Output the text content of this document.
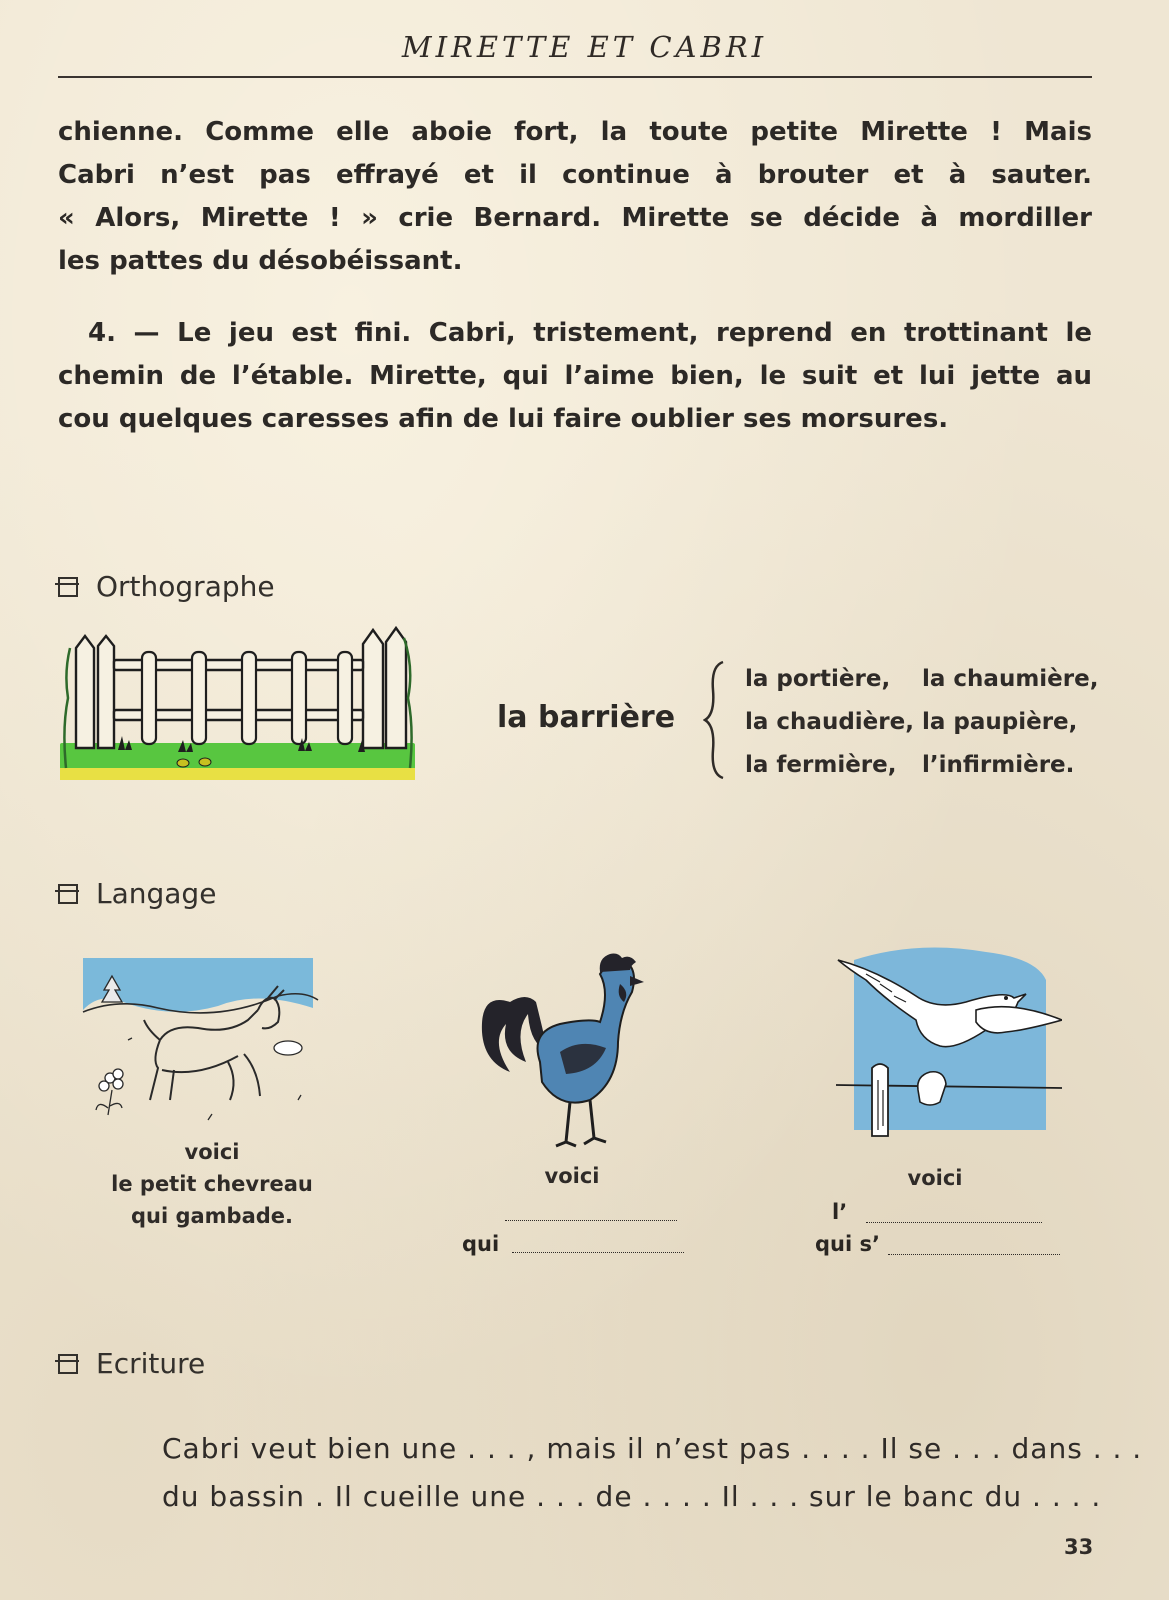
MIRETTE ET CABRI
chienne. Comme elle aboie fort, la toute petite Mirette ! Mais
Cabri n’est pas effrayé et il continue à brouter et à sauter.
« Alors, Mirette ! » crie Bernard. Mirette se décide à mordiller
les pattes du désobéissant.
4. — Le jeu est fini. Cabri, tristement, reprend en trottinant le
chemin de l’étable. Mirette, qui l’aime bien, le suit et lui jette au
cou quelques caresses afin de lui faire oublier ses morsures.
Orthographe
la barrière
la portière, la chaumière,
la chaudière, la paupière,
la fermière, l’infirmière.
Langage
voici
le petit chevreau
qui gambade.
voici
qui
voici
l’
qui s’
Ecriture
Cabri veut bien une . . . , mais il n’est pas . . . . Il se . . . dans . . .
du bassin . Il cueille une . . . de . . . . Il . . . sur le banc du . . . .
33
